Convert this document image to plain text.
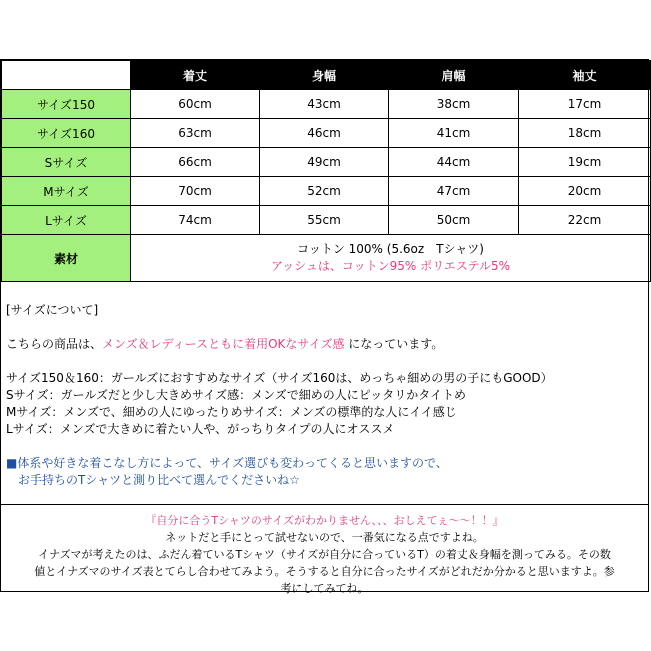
	着丈	身幅	肩幅	袖丈
サイズ150	60cm	43cm	38cm	17cm
サイズ160	63cm	46cm	41cm	18cm
Sサイズ	66cm	49cm	44cm	19cm
Mサイズ	70cm	52cm	47cm	20cm
Lサイズ	74cm	55cm	50cm	22cm
素材	コットン 100% (5.6oz　Tシャツ)
アッシュは、コットン95% ポリエステル5%			

[サイズについて]

こちらの商品は、メンズ＆レディースともに着用OKなサイズ感 になっています。

サイズ150＆160：ガールズにおすすめなサイズ（サイズ160は、めっちゃ細めの男の子にもGOOD）

Sサイズ：ガールズだと少し大きめサイズ感：メンズで細めの人にピッタリかタイトめ

Mサイズ：メンズで、細めの人にゆったりめサイズ：メンズの標準的な人にイイ感じ

Lサイズ：メンズで大きめに着たい人や、がっちりタイプの人にオススメ

■体系や好きな着こなし方によって、サイズ選びも変わってくると思いますので、

お手持ちのTシャツと測り比べて選んでくださいね☆

『自分に合うTシャツのサイズがわかりません、、、おしえてぇ〜〜！！』

ネットだと手にとって試せないので、一番気になる点ですよね。

イナズマが考えたのは、ふだん着ているTシャツ（サイズが自分に合っているT）の着丈＆身幅を測ってみる。その数

値とイナズマのサイズ表とてらし合わせてみよう。そうすると自分に合ったサイズがどれだか分かると思いますよ。参

考にしてみてね。
